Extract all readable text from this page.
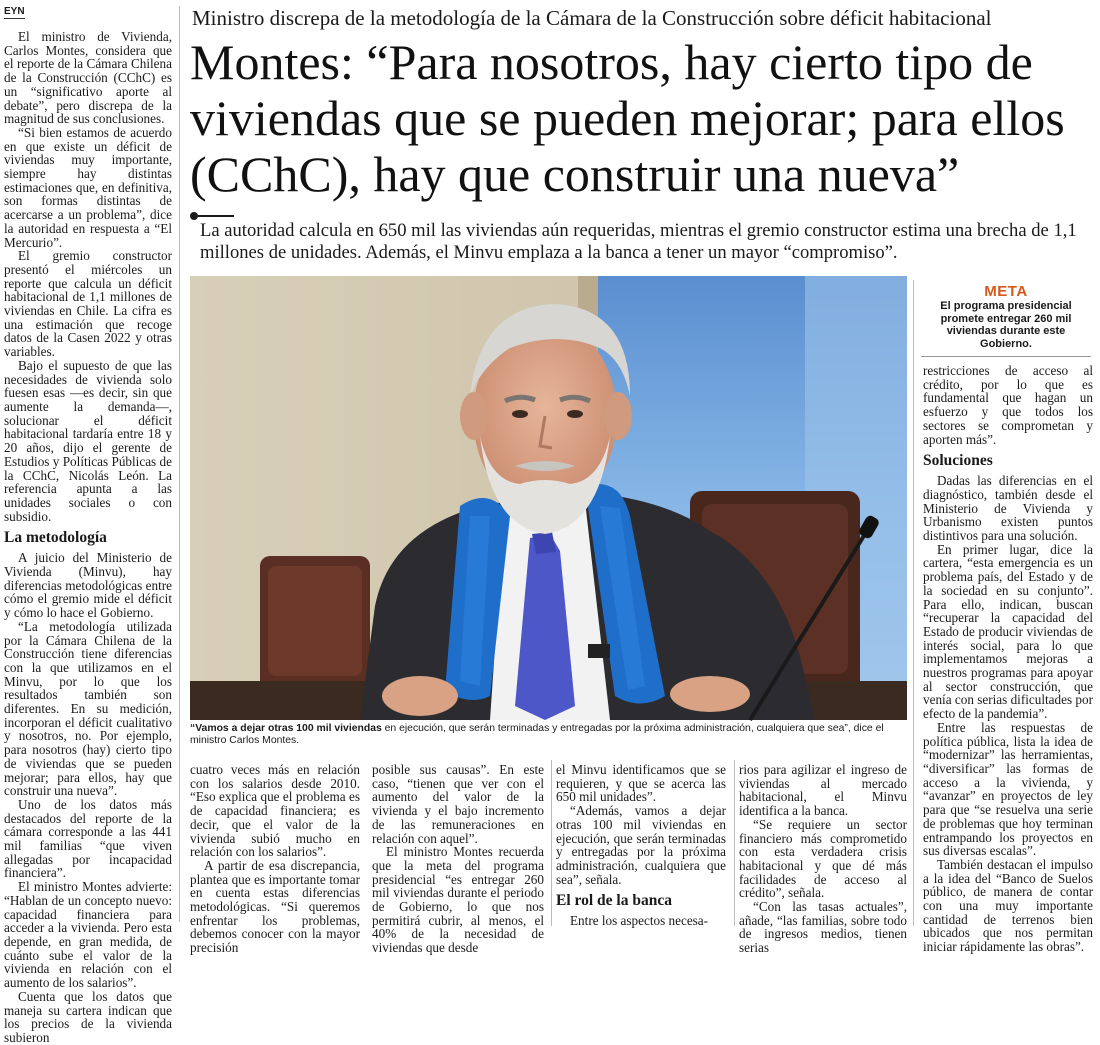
EYN

El ministro de Vivienda, Carlos Montes, considera que el reporte de la Cámara Chilena de la Construcción (CChC) es un “significativo aporte al debate”, pero discrepa de la magnitud de sus conclusiones.

“Si bien estamos de acuerdo en que existe un déficit de viviendas muy importante, siempre hay distintas estimaciones que, en definitiva, son formas distintas de acercarse a un problema”, dice la autoridad en respuesta a “El Mercurio”.

El gremio constructor presentó el miércoles un reporte que calcula un déficit habitacional de 1,1 millones de viviendas en Chile. La cifra es una estimación que recoge datos de la Casen 2022 y otras variables.

Bajo el supuesto de que las necesidades de vivienda solo fuesen esas —es decir, sin que aumente la demanda—, solucionar el déficit habitacional tardaría entre 18 y 20 años, dijo el gerente de Estudios y Políticas Públicas de la CChC, Nicolás León. La referencia apunta a las unidades sociales o con subsidio.

La metodología

A juicio del Ministerio de Vivienda (Minvu), hay diferencias metodológicas entre cómo el gremio mide el déficit y cómo lo hace el Gobierno.

“La metodología utilizada por la Cámara Chilena de la Construcción tiene diferencias con la que utilizamos en el Minvu, por lo que los resultados también son diferentes. En su medición, incorporan el déficit cualitativo y nosotros, no. Por ejemplo, para nosotros (hay) cierto tipo de viviendas que se pueden mejorar; para ellos, hay que construir una nueva”.

Uno de los datos más destacados del reporte de la cámara corresponde a las 441 mil familias “que viven allegadas por incapacidad financiera”.

El ministro Montes advierte: “Hablan de un concepto nuevo: capacidad financiera para acceder a la vivienda. Pero esta depende, en gran medida, de cuánto sube el valor de la vivienda en relación con el aumento de los salarios”.

Cuenta que los datos que maneja su cartera indican que los precios de la vivienda subieron

Ministro discrepa de la metodología de la Cámara de la Construcción sobre déficit habitacional
Montes: “Para nosotros, hay cierto tipo de
viviendas que se pueden mejorar; para ellos
(CChC), hay que construir una nueva”
La autoridad calcula en 650 mil las viviendas aún requeridas, mientras el gremio constructor estima una brecha de 1,1 millones de unidades. Además, el Minvu emplaza a la banca a tener un mayor “compromiso”.
“Vamos a dejar otras 100 mil viviendas en ejecución, que serán terminadas y entregadas por la próxima administración, cualquiera que sea”, dice el ministro Carlos Montes.
META
El programa presidencial promete entregar 260 mil viviendas durante este Gobierno.

cuatro veces más en relación con los salarios desde 2010. “Eso explica que el problema es de capacidad financiera; es decir, que el valor de la vivienda subió mucho en relación con los salarios”.

A partir de esa discrepancia, plantea que es importante tomar en cuenta estas diferencias metodológicas. “Si queremos enfrentar los problemas, debemos conocer con la mayor precisión

posible sus causas”. En este caso, “tienen que ver con el aumento del valor de la vivienda y el bajo incremento de las remuneraciones en relación con aquel”.

El ministro Montes recuerda que la meta del programa presidencial “es entregar 260 mil viviendas durante el periodo de Gobierno, lo que nos permitirá cubrir, al menos, el 40% de la necesidad de viviendas que desde

el Minvu identificamos que se requieren, y que se acerca las 650 mil unidades”.

“Además, vamos a dejar otras 100 mil viviendas en ejecución, que serán terminadas y entregadas por la próxima administración, cualquiera que sea”, señala.

El rol de la banca

Entre los aspectos necesa-

rios para agilizar el ingreso de viviendas al mercado habitacional, el Minvu identifica a la banca.

“Se requiere un sector financiero más comprometido con esta verdadera crisis habitacional y que dé más facilidades de acceso al crédito”, señala.

“Con las tasas actuales”, añade, “las familias, sobre todo de ingresos medios, tienen serias

restricciones de acceso al crédito, por lo que es fundamental que hagan un esfuerzo y que todos los sectores se comprometan y aporten más”.

Soluciones

Dadas las diferencias en el diagnóstico, también desde el Ministerio de Vivienda y Urbanismo existen puntos distintivos para una solución.

En primer lugar, dice la cartera, “esta emergencia es un problema país, del Estado y de la sociedad en su conjunto”. Para ello, indican, buscan “recuperar la capacidad del Estado de producir viviendas de interés social, para lo que implementamos mejoras a nuestros programas para apoyar al sector construcción, que venía con serias dificultades por efecto de la pandemia”.

Entre las respuestas de política pública, lista la idea de “modernizar” las herramientas, “diversificar” las formas de acceso a la vivienda, y “avanzar” en proyectos de ley para que “se resuelva una serie de problemas que hoy terminan entrampando los proyectos en sus diversas escalas”.

También destacan el impulso a la idea del “Banco de Suelos público, de manera de contar con una muy importante cantidad de terrenos bien ubicados que nos permitan iniciar rápidamente las obras”.
